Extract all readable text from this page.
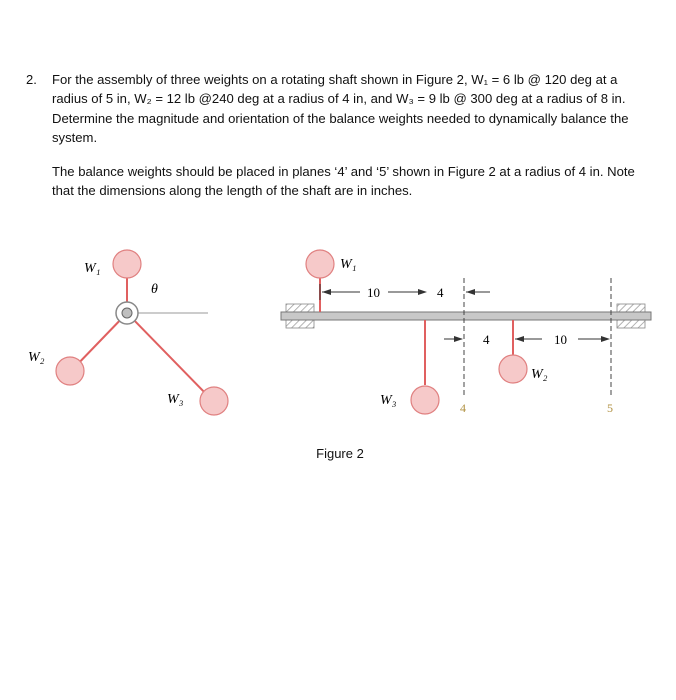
2. For the assembly of three weights on a rotating shaft shown in Figure 2, W₁ = 6 lb @ 120 deg at a radius of 5 in, W₂ = 12 lb @240 deg at a radius of 4 in, and W₃ = 9 lb @ 300 deg at a radius of 8 in. Determine the magnitude and orientation of the balance weights needed to dynamically balance the system.

The balance weights should be placed in planes ‘4’ and ‘5’ shown in Figure 2 at a radius of 4 in. Note that the dimensions along the length of the shaft are in inches.

W₁
θ
W₂
W₃
10	4
4	10
W₁
W₃
W₂
4	5
Figure 2
